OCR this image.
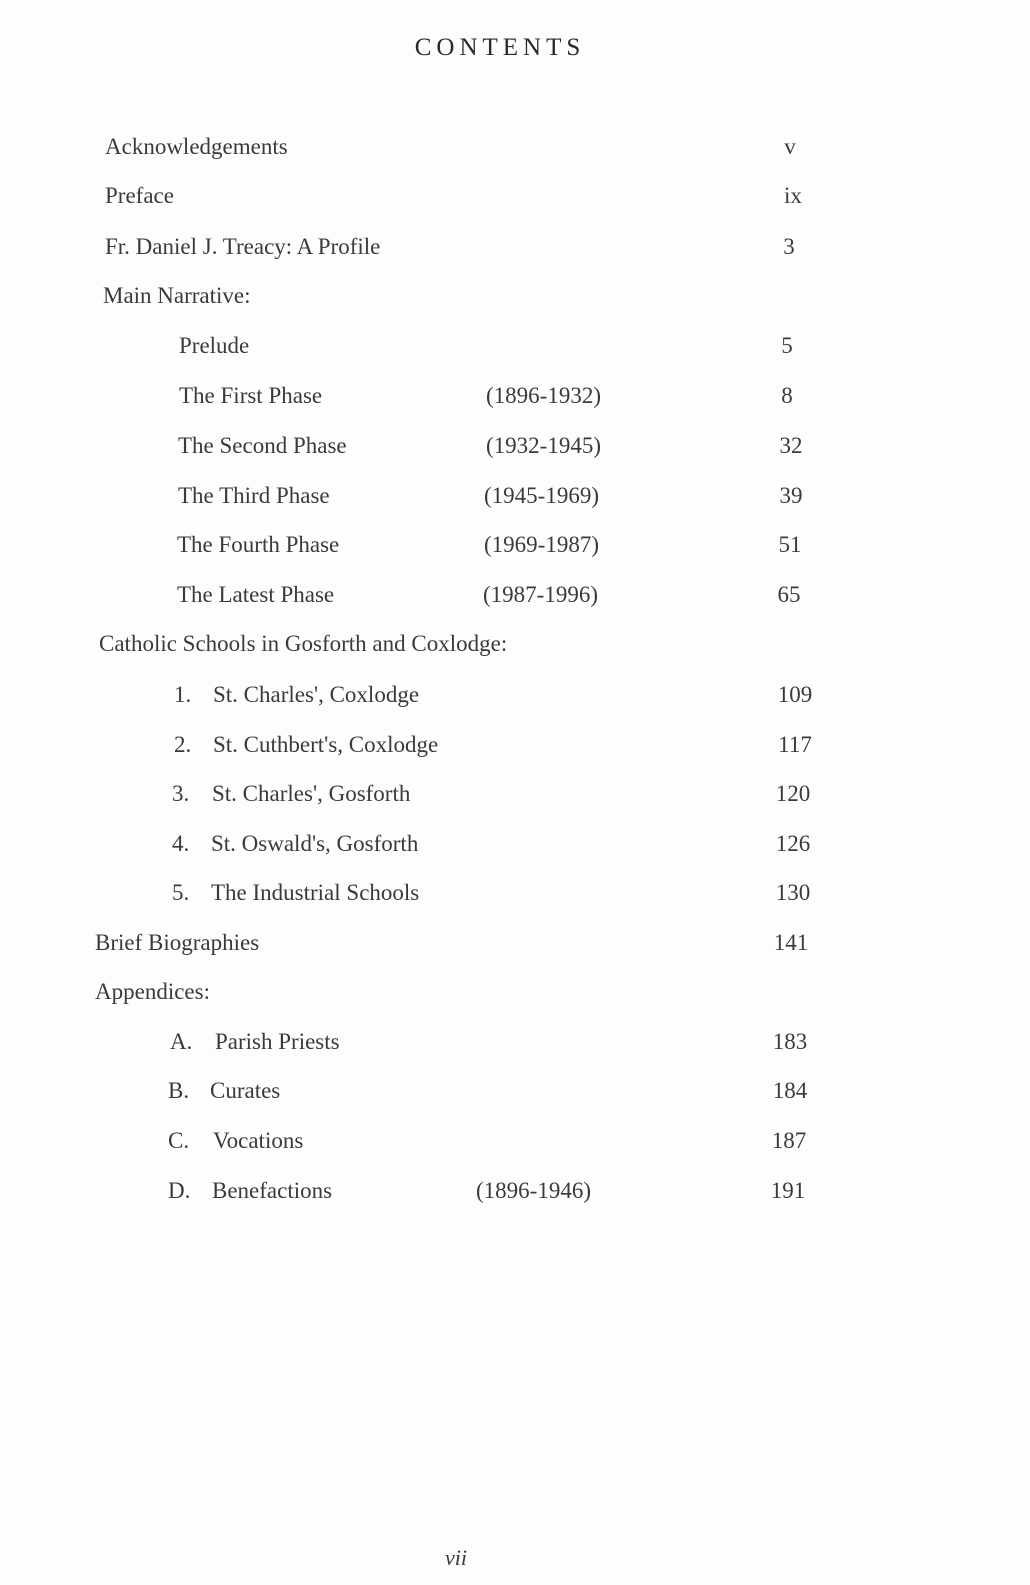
CONTENTS
Acknowledgements	v
Preface	ix
Fr. Daniel J. Treacy: A Profile	3
Main Narrative:
Prelude	5
The First Phase	(1896-1932)	8
The Second Phase	(1932-1945)	32
The Third Phase	(1945-1969)	39
The Fourth Phase	(1969-1987)	51
The Latest Phase	(1987-1996)	65
Catholic Schools in Gosforth and Coxlodge:
1. St. Charles', Coxlodge	109
2. St. Cuthbert's, Coxlodge	117
3. St. Charles', Gosforth	120
4. St. Oswald's, Gosforth	126
5. The Industrial Schools	130
Brief Biographies	141
Appendices:
A. Parish Priests	183
B. Curates	184
C. Vocations	187
D. Benefactions	(1896-1946)	191
vii
